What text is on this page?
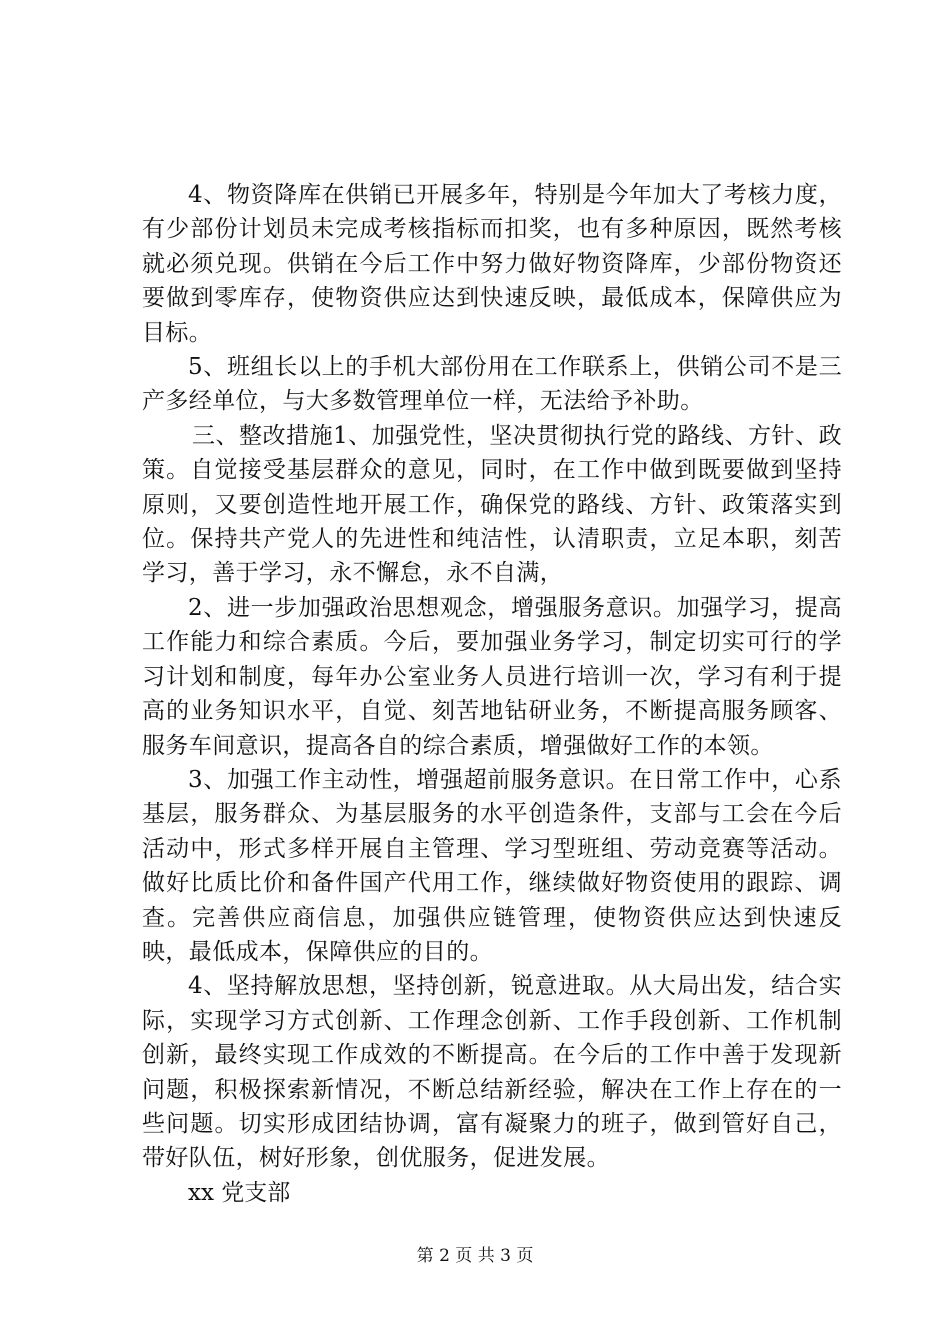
4、物资降库在供销已开展多年，特别是今年加大了考核力度，有少部份计划员未完成考核指标而扣奖，也有多种原因，既然考核就必须兑现。供销在今后工作中努力做好物资降库，少部份物资还要做到零库存，使物资供应达到快速反映，最低成本，保障供应为目标。

5、班组长以上的手机大部份用在工作联系上，供销公司不是三产多经单位，与大多数管理单位一样，无法给予补助。

三、整改措施1、加强党性，坚决贯彻执行党的路线、方针、政策。自觉接受基层群众的意见，同时，在工作中做到既要做到坚持原则，又要创造性地开展工作，确保党的路线、方针、政策落实到位。保持共产党人的先进性和纯洁性，认清职责，立足本职，刻苦学习，善于学习，永不懈怠，永不自满，

2、进一步加强政治思想观念，增强服务意识。加强学习，提高工作能力和综合素质。今后，要加强业务学习，制定切实可行的学习计划和制度，每年办公室业务人员进行培训一次，学习有利于提高的业务知识水平，自觉、刻苦地钻研业务，不断提高服务顾客、服务车间意识，提高各自的综合素质，增强做好工作的本领。

3、加强工作主动性，增强超前服务意识。在日常工作中，心系基层，服务群众、为基层服务的水平创造条件，支部与工会在今后活动中，形式多样开展自主管理、学习型班组、劳动竞赛等活动。做好比质比价和备件国产代用工作，继续做好物资使用的跟踪、调查。完善供应商信息，加强供应链管理，使物资供应达到快速反映，最低成本，保障供应的目的。

4、坚持解放思想，坚持创新，锐意进取。从大局出发，结合实际，实现学习方式创新、工作理念创新、工作手段创新、工作机制创新，最终实现工作成效的不断提高。在今后的工作中善于发现新问题，积极探索新情况，不断总结新经验，解决在工作上存在的一些问题。切实形成团结协调，富有凝聚力的班子，做到管好自己，带好队伍，树好形象，创优服务，促进发展。

xx 党支部

第 2 页 共 3 页
